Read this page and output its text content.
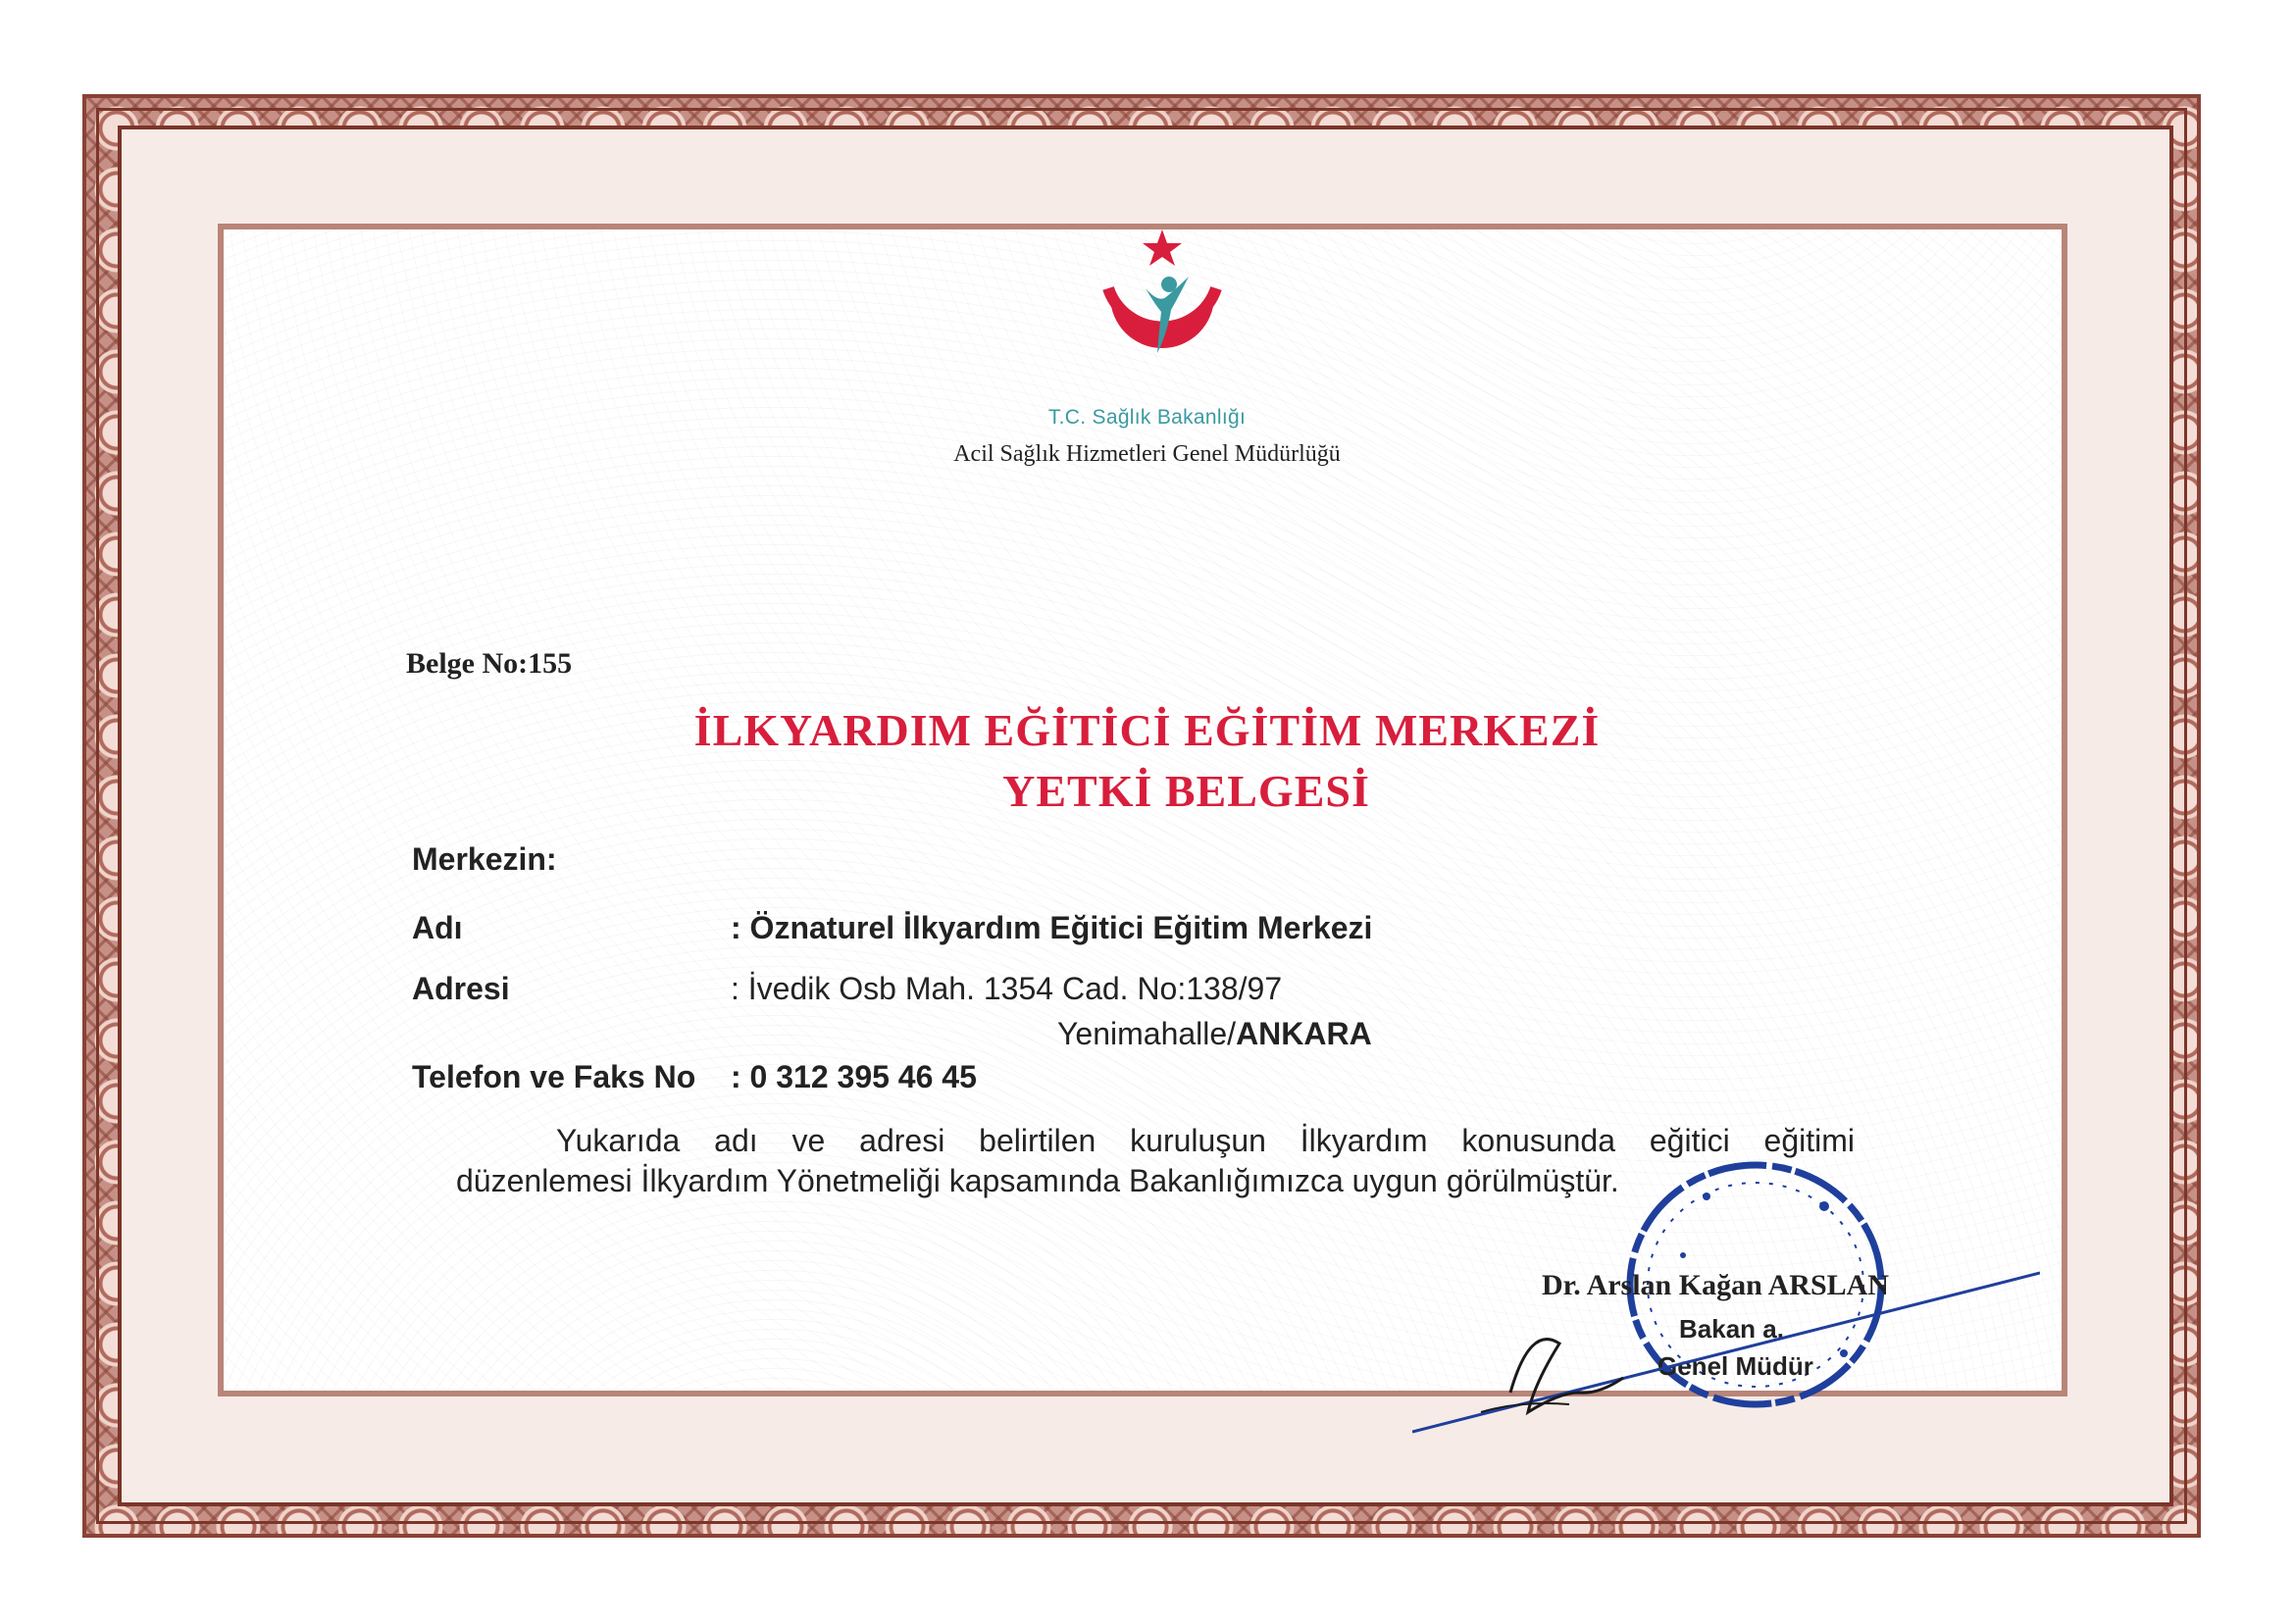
T.C. Sağlık Bakanlığı
Acil Sağlık Hizmetleri Genel Müdürlüğü
Belge No:155
İLKYARDIM EĞİTİCİ EĞİTİM MERKEZİ
YETKİ BELGESİ
Merkezin:
Adı	: Öznaturel İlkyardım Eğitici Eğitim Merkezi
Adresi	: İvedik Osb Mah. 1354 Cad. No:138/97
Yenimahalle/ANKARA
Telefon ve Faks No : 0 312 395 46 45
Yukarıda adı ve adresi belirtilen kuruluşun İlkyardım konusunda eğitici eğitimi
düzenlemesi İlkyardım Yönetmeliği kapsamında Bakanlığımızca uygun görülmüştür.
Dr. Arslan Kağan ARSLAN
Bakan a.
Genel Müdür
